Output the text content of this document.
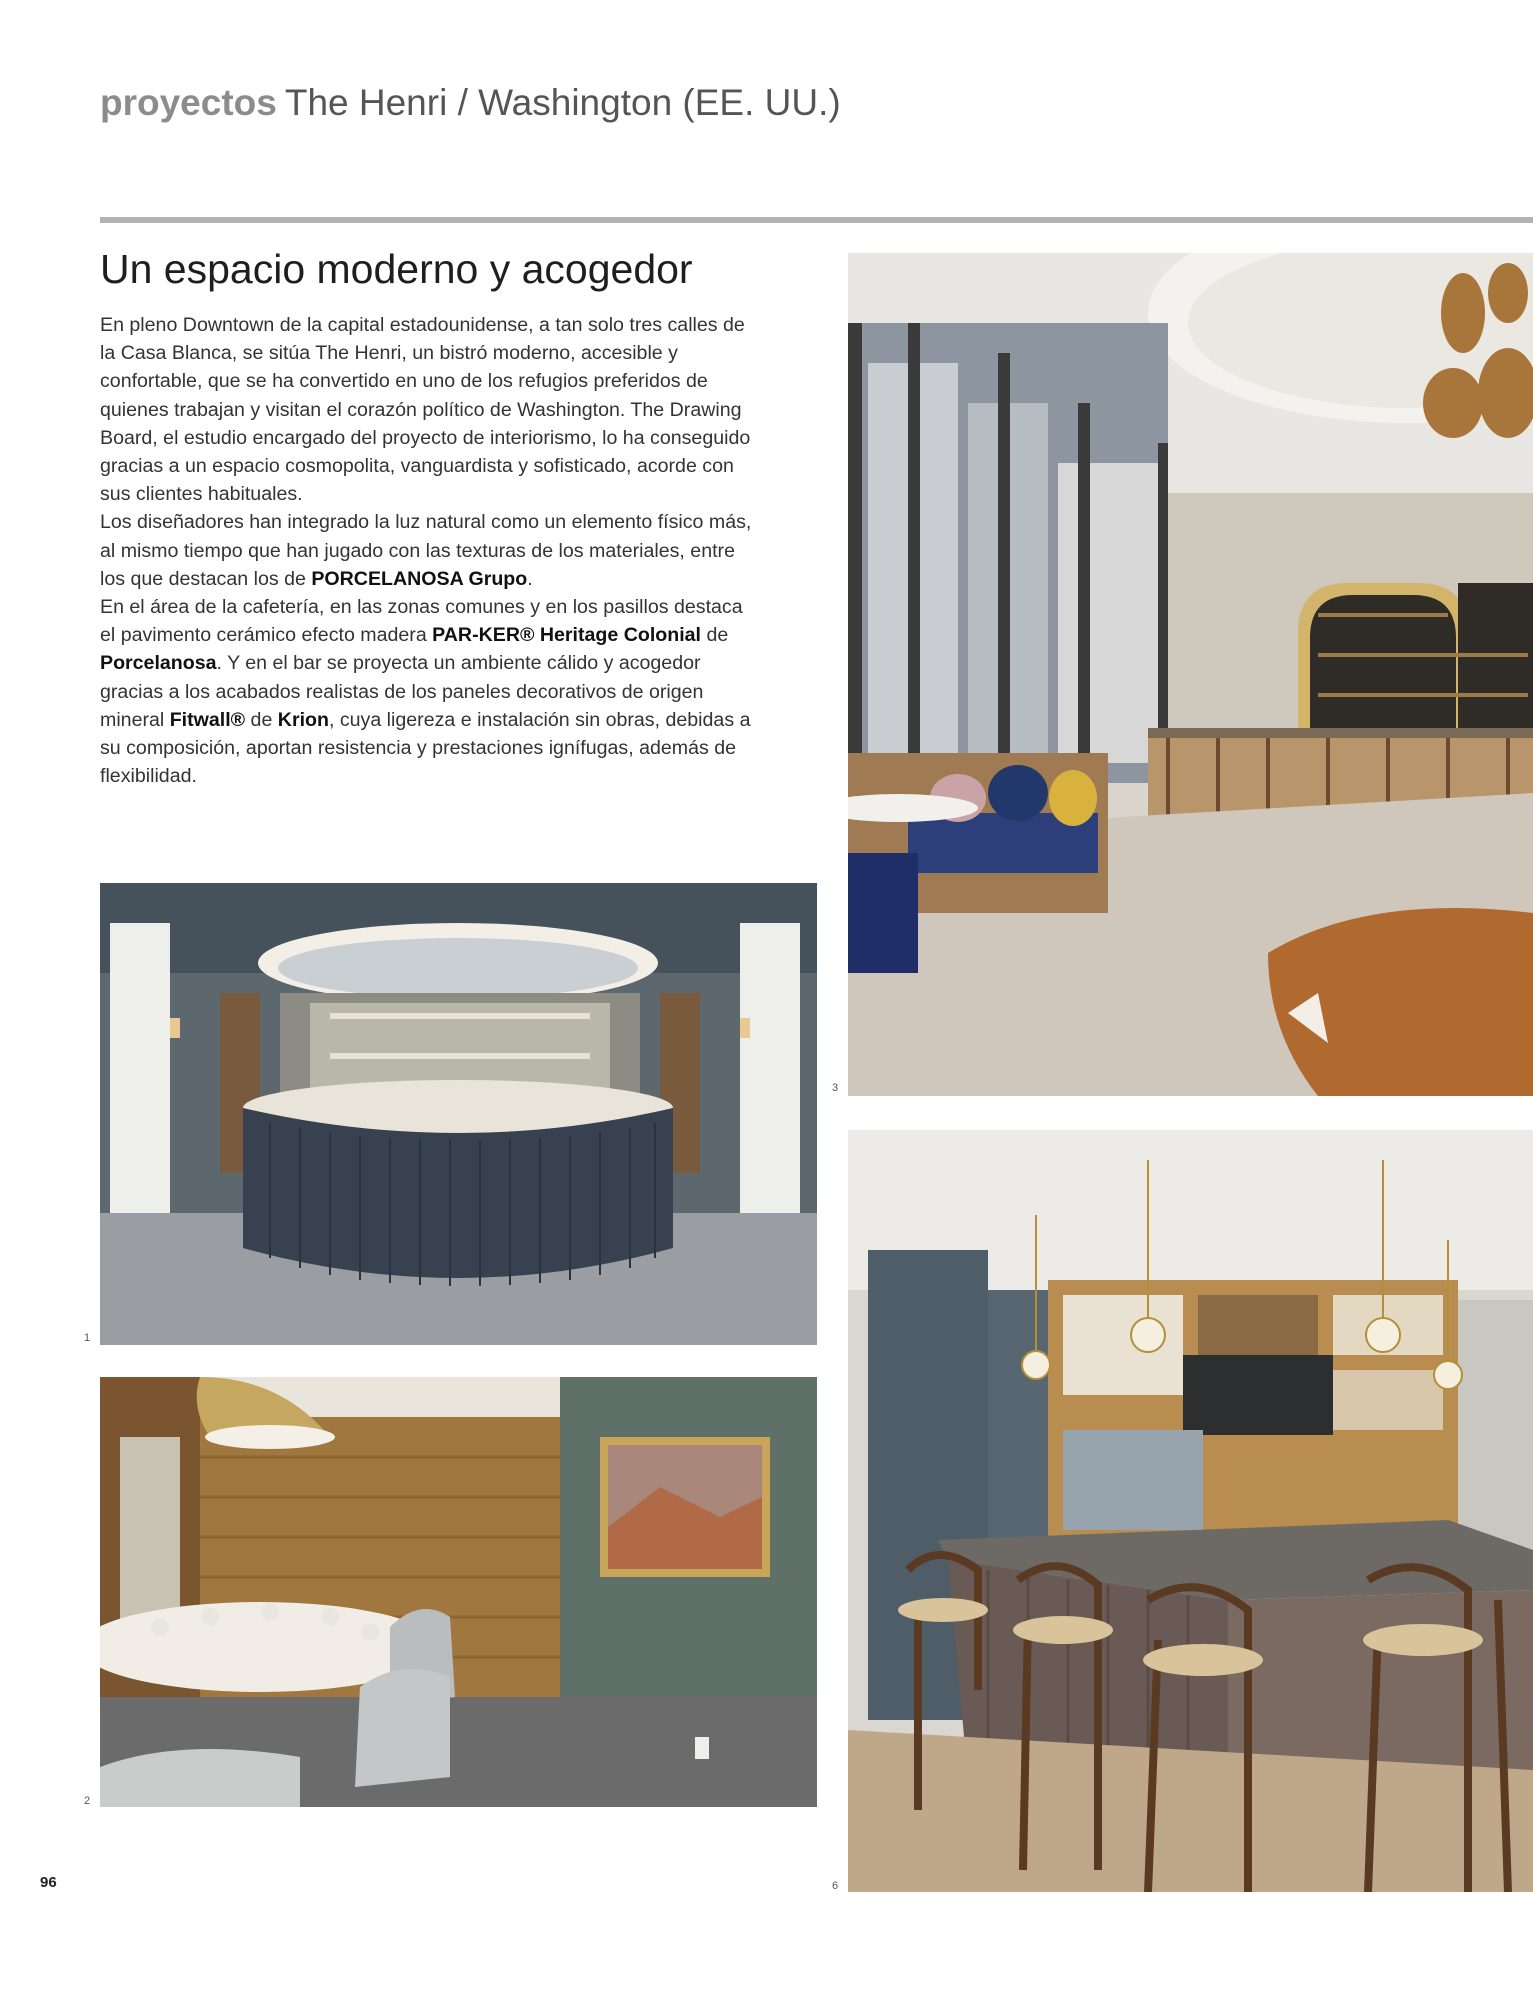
proyectos The Henri / Washington (EE. UU.)
Un espacio moderno y acogedor

En pleno Downtown de la capital estadounidense, a tan solo tres calles de la Casa Blanca, se sitúa The Henri, un bistró moderno, accesible y confortable, que se ha convertido en uno de los refugios preferidos de quienes trabajan y visitan el corazón político de Washington. The Drawing Board, el estudio encargado del proyecto de interiorismo, lo ha conseguido gracias a un espacio cosmopolita, vanguardista y sofisticado, acorde con sus clientes habituales.

Los diseñadores han integrado la luz natural como un elemento físico más, al mismo tiempo que han jugado con las texturas de los materiales, entre los que destacan los de PORCELANOSA Grupo.

En el área de la cafetería, en las zonas comunes y en los pasillos destaca el pavimento cerámico efecto madera PAR-KER® Heritage Colonial de Porcelanosa. Y en el bar se proyecta un ambiente cálido y acogedor gracias a los acabados realistas de los paneles decorativos de origen mineral Fitwall® de Krion, cuya ligereza e instalación sin obras, debidas a su composición, aportan resistencia y prestaciones ignífugas, además de flexibilidad.

3
1
2
6
96
